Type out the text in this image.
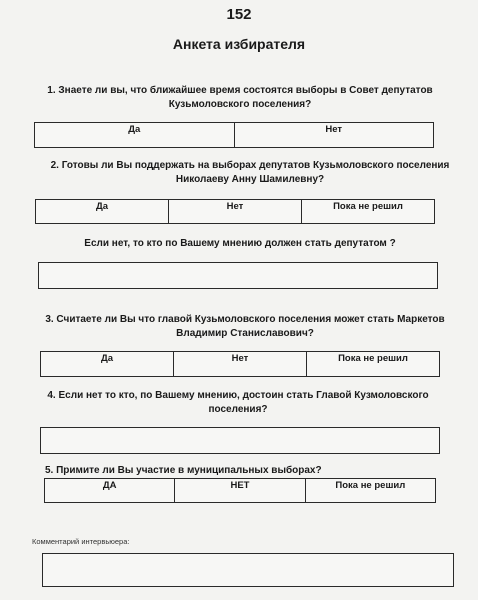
152
Анкета избирателя
1. Знаете ли вы, что ближайшее время состоятся выборы в Совет депутатов
Кузьмоловского поселения?
Да	Нет
2. Готовы ли Вы поддержать на выборах депутатов Кузьмоловского поселения
Николаеву Анну Шамилевну?
Да	Нет	Пока не решил
Если нет, то кто по Вашему мнению должен стать депутатом ?
3. Считаете ли Вы что главой Кузьмоловского поселения может стать Маркетов
Владимир Станиславович?
Да	Нет	Пока не решил
4. Если нет то кто, по Вашему мнению, достоин стать Главой Кузмоловского
поселения?
5. Примите ли Вы участие в муниципальных выборах?
ДА	НЕТ	Пока не решил
Комментарий интервьюера:
